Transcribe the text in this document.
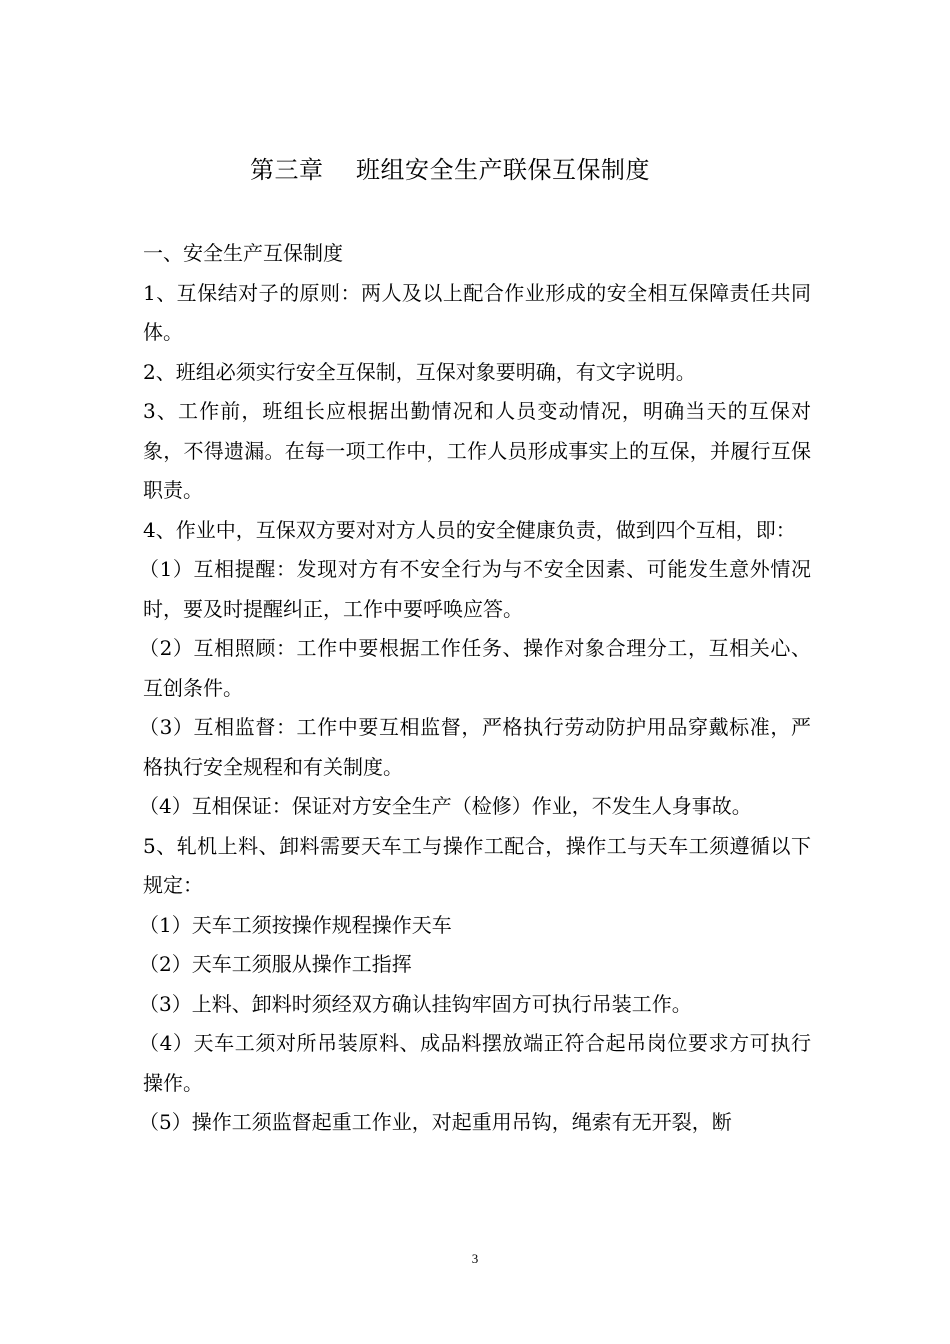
第三章    班组安全生产联保互保制度

一、安全生产互保制度

1、互保结对子的原则：两人及以上配合作业形成的安全相互保障责任共同体。

2、班组必须实行安全互保制，互保对象要明确，有文字说明。

3、工作前，班组长应根据出勤情况和人员变动情况，明确当天的互保对象，不得遗漏。在每一项工作中，工作人员形成事实上的互保，并履行互保职责。

4、作业中，互保双方要对对方人员的安全健康负责，做到四个互相，即：

（1）互相提醒：发现对方有不安全行为与不安全因素、可能发生意外情况时，要及时提醒纠正，工作中要呼唤应答。

（2）互相照顾：工作中要根据工作任务、操作对象合理分工，互相关心、互创条件。

（3）互相监督：工作中要互相监督，严格执行劳动防护用品穿戴标准，严格执行安全规程和有关制度。

（4）互相保证：保证对方安全生产（检修）作业，不发生人身事故。

5、轧机上料、卸料需要天车工与操作工配合，操作工与天车工须遵循以下规定：

（1）天车工须按操作规程操作天车

（2）天车工须服从操作工指挥

（3）上料、卸料时须经双方确认挂钩牢固方可执行吊装工作。

（4）天车工须对所吊装原料、成品料摆放端正符合起吊岗位要求方可执行操作。

（5）操作工须监督起重工作业，对起重用吊钩，绳索有无开裂，断

3
